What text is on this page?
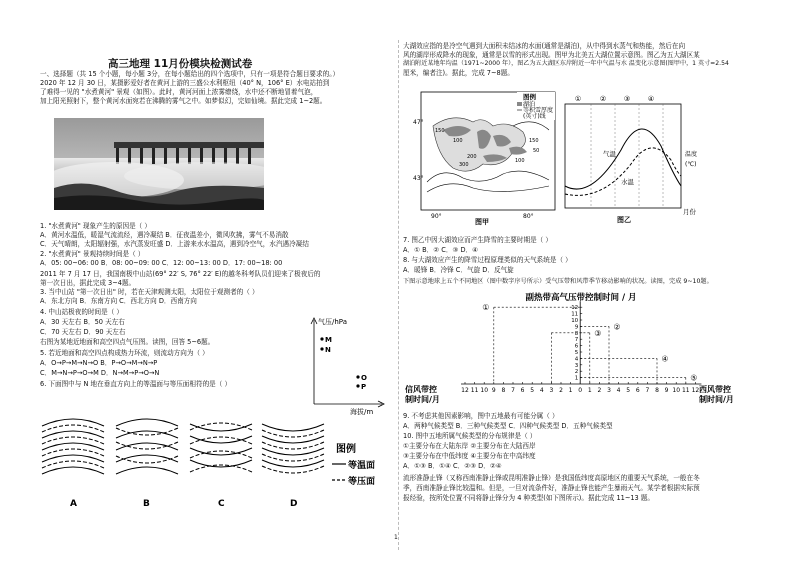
高三地理 11月份模块检测试卷
一、选择题（共 15 个小题，每小题 3分，在每小题给出的四个选项中，只有一项是符合题目要求的。）
2020 年 12 月 30 日，某摄影爱好者在黄河上游的三盛公水利枢纽（40° N，106° E）水电站拍到
了难得一见的 "水煮黄河" 景观（如图）。此时，黄河河面上浓雾缭绕，水中还不断地冒着气泡，
加上阳光照射下，整个黄河水面宛若在沸腾的雾气之中。如梦似幻，完如仙境。据此完成 1~2题。
1. "水煮黄河" 现象产生的原因是（ ）
A．黄河水温低，暖湿气流流经，遇冷凝结 B．征夜温差小，微风吹拂，雾气不易消散
C．天气晴朗，太阳辐射强，水汽蒸发旺盛 D．上游来水水温高，遇到冷空气，水汽遇冷凝结
2. "水煮黄河" 景观持续时间是（ ）
A．05: 00~06: 00 B．08: 00~09: 00 C．12: 00~13: 00 D．17: 00~18: 00
2011 年 7 月 17 日，我国南极中山站(69° 22′ S, 76° 22′ E)的越冬科考队员们迎来了极夜后的
第一次日出，据此完成 3~4题。
3. 当中山站 "第一次日出" 时，若在天津观测太阳，太阳位于观测者的（ ）
A．东北方向 B．东南方向 C．西北方向 D．西南方向
4. 中山站极夜的时间是（ ）
A．30 天左右 B．50 天左右
C．70 天左右 D．90 天左右
右图为某地近地面和高空四点气压图。读图，回答 5~6题。
5. 若近地面和高空四点构成热力环流，则流动方向为（ ）
A．O→P→M→N→O B．P→O→M→N→P
C．M→N→P→O→M D．N→M→P→O→N
6. 下面图中与 N 地在垂直方向上的等温面与等压面相符的是（ ）
气压/hPa
海拔/m
M
N
O
P
A	B	C	D
图例
等温面
等压面
大湖效应指的是冷空气遇到大面积未结冰的水面(通常是湖泊)，从中得到水蒸气和热能，然后在向
风的湖岸形成降水的现象，通常是以雪的形式出现。图甲为北美五大湖位置示意图。图乙为五大湖区某
湖泊附近某地年均温（1971~2000 年），图乙为五大湖区东岸附近一年中气温与水 温变化示意图(图甲中，1 英寸=2.54
厘米，编者注)。据此，完成 7~8题。
图例
湖泊
等积雪厚度
(英寸)线
300
200
150
100
50
150
100
47°
43°
90°	80°
图甲
①	②	③	④
气温
水温
温度
(℃)
月份
图乙
7. 图乙中因大湖效应而产生降雪的主要时期是（ ）
A．① B．② C．③ D．④
8. 与大湖效应产生的降雪过程原理类似的天气系统是（ ）
A．暖锋 B．冷锋 C．气旋 D．反气旋
下图示意地球上五个不同地区（图中数字序号所示）受气压带和风带季节移动影响的状况。读图，完成 9~10题。
副热带高气压带控制时间 / 月
信风带控
制时间/月
西风带控
制时间/月
12 11 10 9 8 7 6 5 4 3 2 1 0 1 2 3 4 5 6 7 8 9 10 11 12
12
11
10
9
8
7
6
5
4
3
2
1
①
②
③
④
⑤
9. 不考虑其他因素影响，图中五地最有可能分属（ ）
A．两种气候类型 B．三种气候类型 C．四种气候类型 D．五种气候类型
10. 图中五地所属气候类型的分布规律是（ ）
①主要分布在大陆东岸 ②主要分布在大陆西岸
③主要分布在中低纬度 ④主要分布在中高纬度
A．①③ B．①④ C．②③ D．②④
流形准静止锋（又称西南准静止锋或昆明准静止锋）是我国低纬度高原地区的重要天气系统，一般在冬
季，西南准静止锋比较温和。但是，一旦对流条件好，准静止锋也能产生暴雨天气。某学者根据实际预
报经验，按所处位置不同将静止锋分为 4 种类型(如下图所示)。据此完成 11~13 题。
1
